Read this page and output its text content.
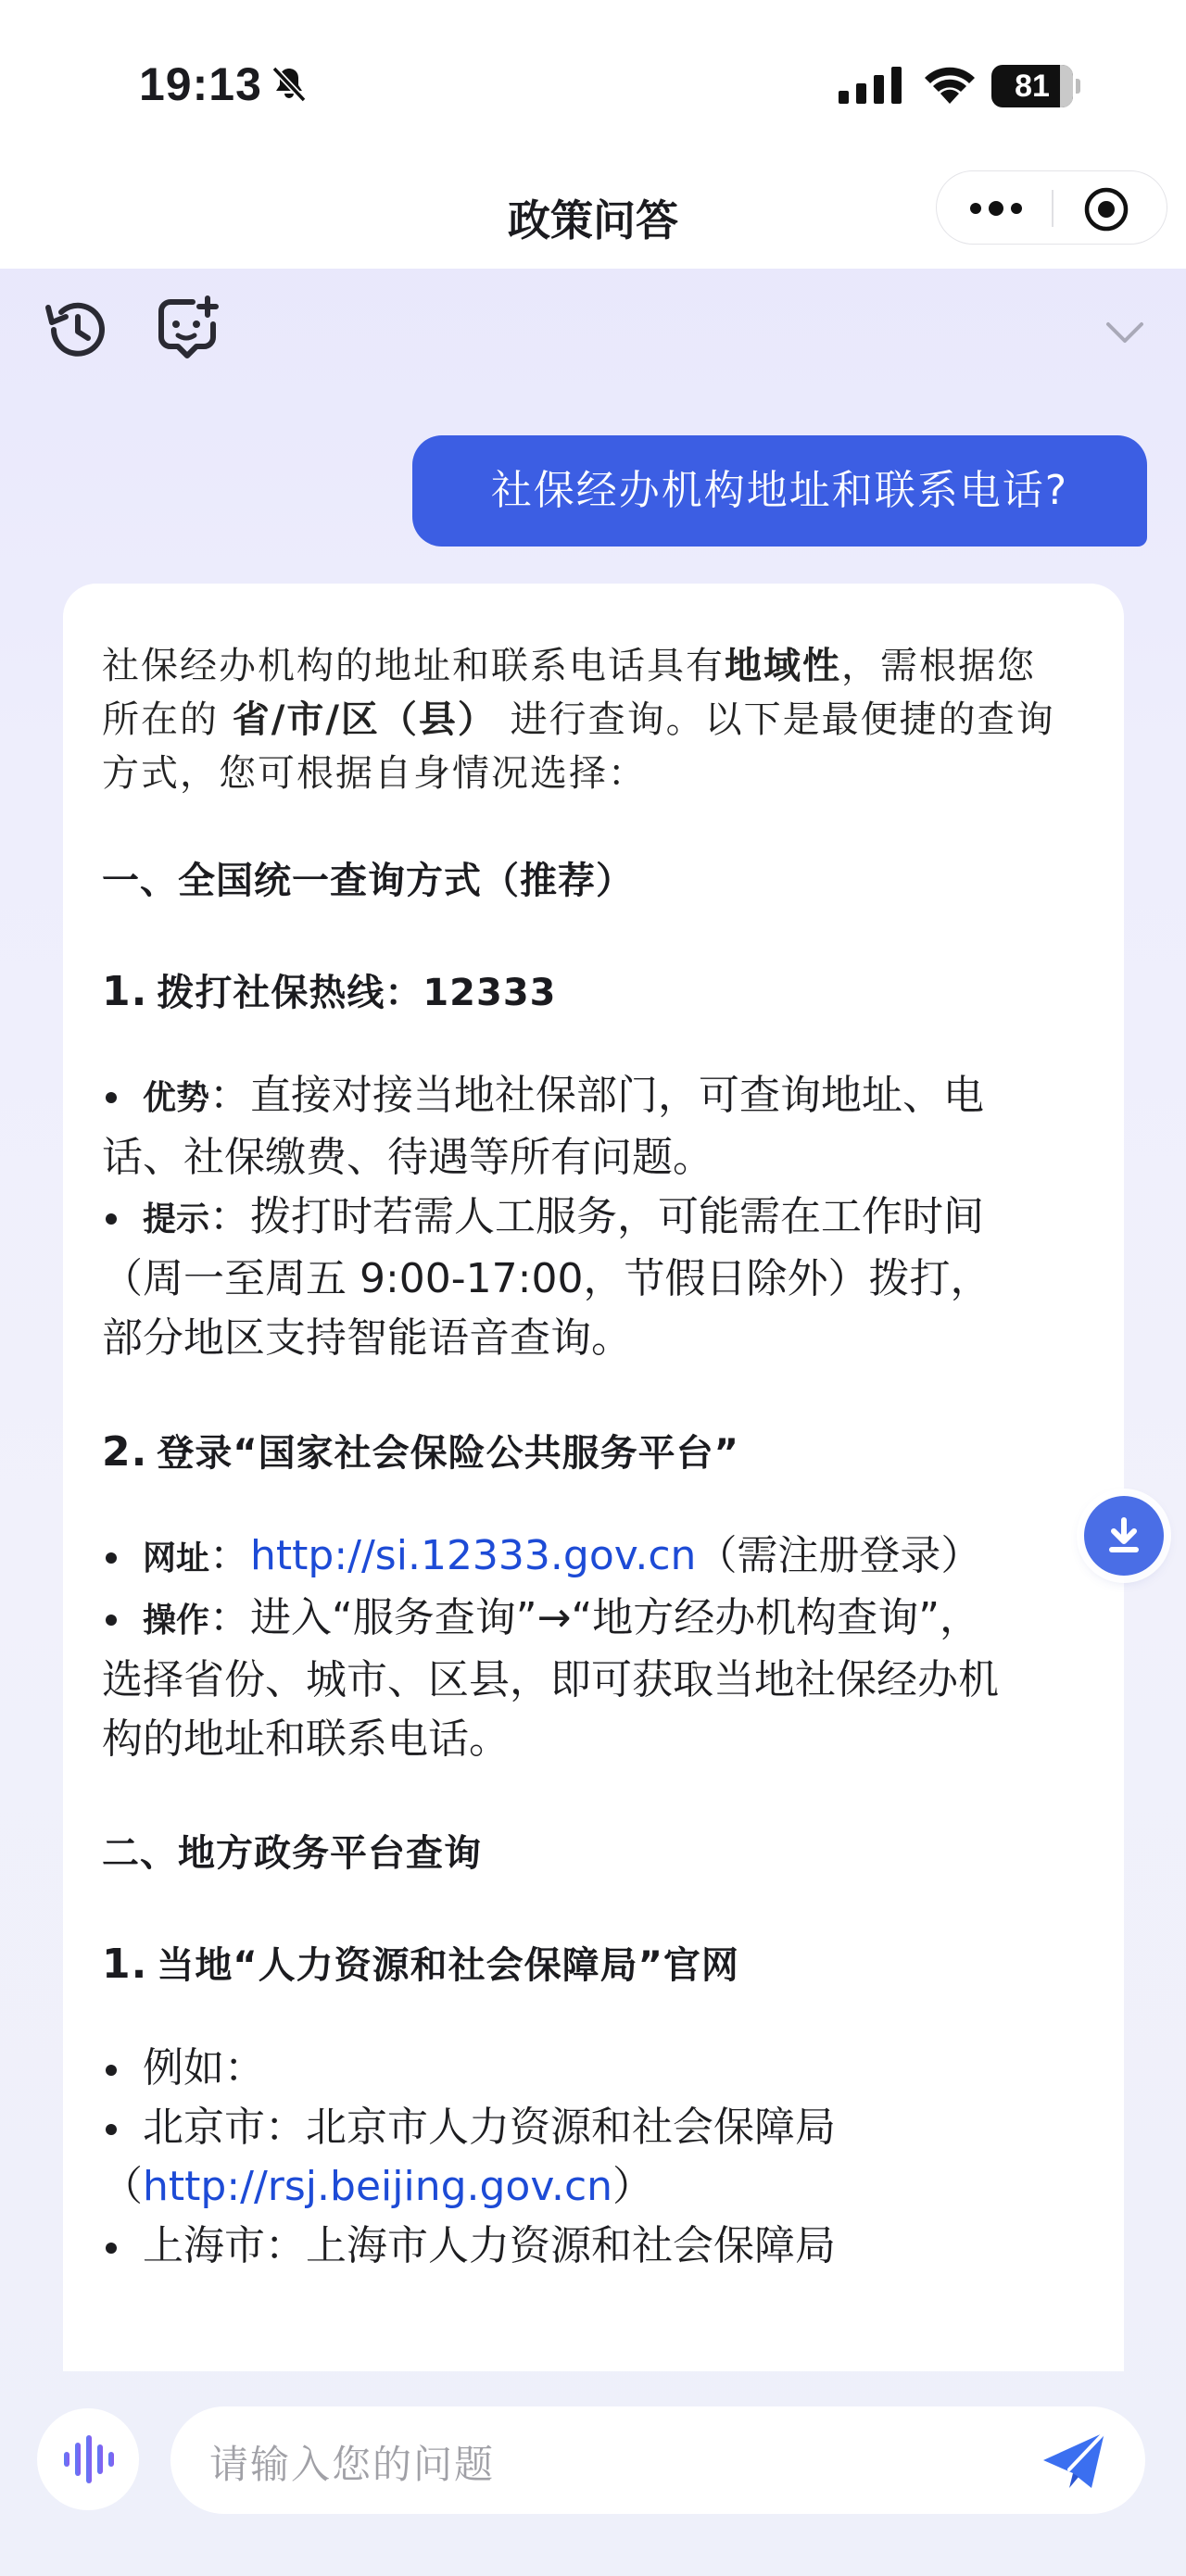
19:13	81
政策问答
社保经办机构地址和联系电话?

社保经办机构的地址和联系电话具有地域性，需根据您
所在的 省/市/区（县） 进行查询。以下是最便捷的查询
方式，您可根据自身情况选择：

一、全国统一查询方式（推荐）

1. 拨打社保热线：12333

优势：直接对接当地社保部门，可查询地址、电

话、社保缴费、待遇等所有问题。

提示：拨打时若需人工服务，可能需在工作时间

（周一至周五 9:00-17:00，节假日除外）拨打，

部分地区支持智能语音查询。

2. 登录“国家社会保险公共服务平台”

网址：http://si.12333.gov.cn（需注册登录）

操作：进入“服务查询”→“地方经办机构查询”，

选择省份、城市、区县，即可获取当地社保经办机

构的地址和联系电话。

二、地方政务平台查询

1. 当地“人力资源和社会保障局”官网

例如：

北京市：北京市人力资源和社会保障局

（http://rsj.beijing.gov.cn）

上海市：上海市人力资源和社会保障局

请输入您的问题
